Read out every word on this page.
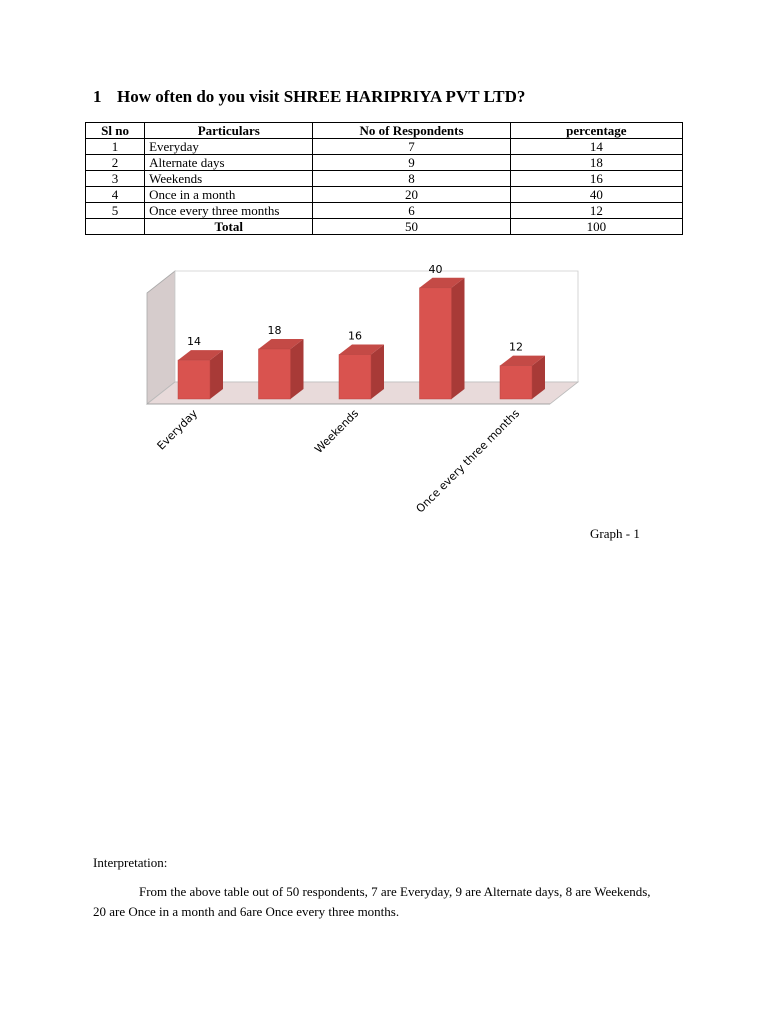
1 How often do you visit SHREE HARIPRIYA PVT LTD?
Sl no	Particulars	No of Respondents	percentage
1	Everyday	7	14
2	Alternate days	9	18
3	Weekends	8	16
4	Once in a month	20	40
5	Once every three months	6	12
	Total	50	100
14
18	16
40
12
Everyday	Weekends	Once every three months
Graph - 1
Interpretation:
From the above table out of 50 respondents, 7 are Everyday, 9 are Alternate days, 8 are Weekends, 20 are Once in a month and 6are Once every three months.
